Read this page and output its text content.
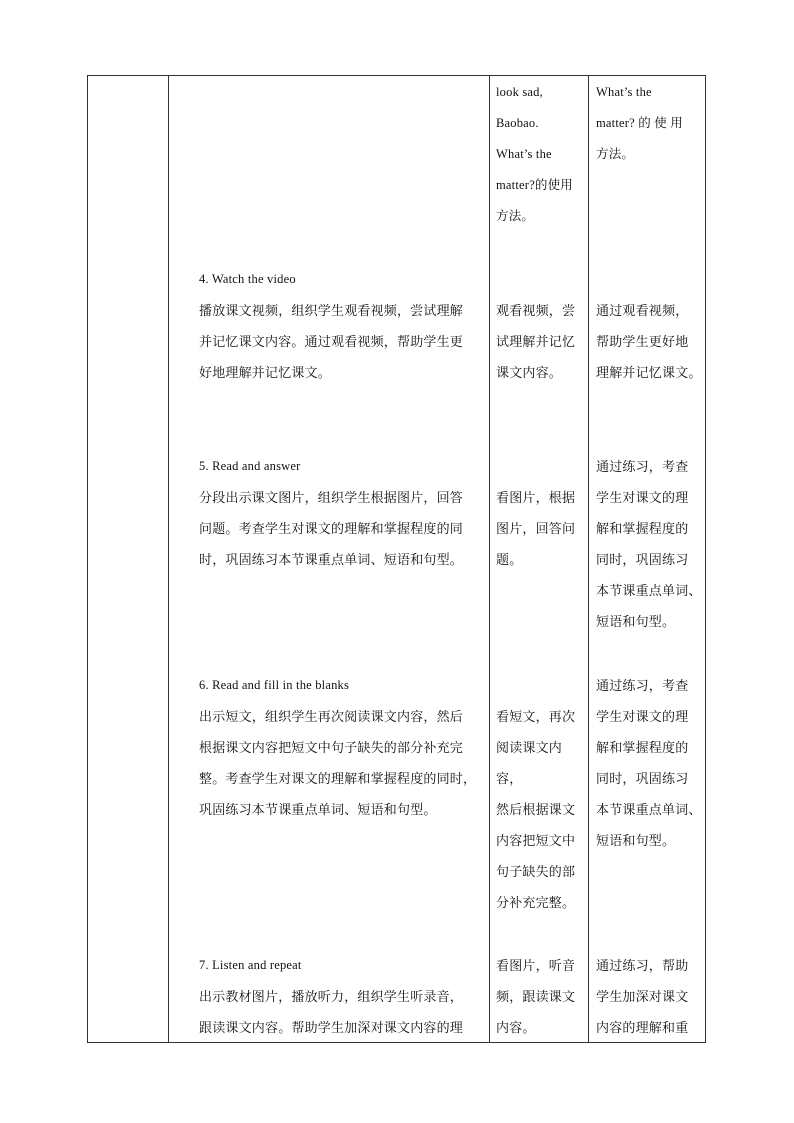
look sad,
Baobao.
What’s the
matter?的使用
方法。
What’s the
matter? 的 使 用
方法。
4. Watch the video
播放课文视频，组织学生观看视频，尝试理解
并记忆课文内容。通过观看视频，帮助学生更
好地理解并记忆课文。
观看视频，尝
试理解并记忆
课文内容。
通过观看视频，
帮助学生更好地
理解并记忆课文。
5. Read and answer
分段出示课文图片，组织学生根据图片，回答
问题。考查学生对课文的理解和掌握程度的同
时，巩固练习本节课重点单词、短语和句型。
看图片，根据
图片，回答问
题。
通过练习，考查
学生对课文的理
解和掌握程度的
同时，巩固练习
本节课重点单词、
短语和句型。
6. Read and fill in the blanks
出示短文，组织学生再次阅读课文内容，然后
根据课文内容把短文中句子缺失的部分补充完
整。考查学生对课文的理解和掌握程度的同时，
巩固练习本节课重点单词、短语和句型。
看短文，再次
阅读课文内容，
然后根据课文
内容把短文中
句子缺失的部
分补充完整。
通过练习，考查
学生对课文的理
解和掌握程度的
同时，巩固练习
本节课重点单词、
短语和句型。
7. Listen and repeat
出示教材图片，播放听力，组织学生听录音，
跟读课文内容。帮助学生加深对课文内容的理
看图片，听音
频，跟读课文
内容。
通过练习，帮助
学生加深对课文
内容的理解和重
